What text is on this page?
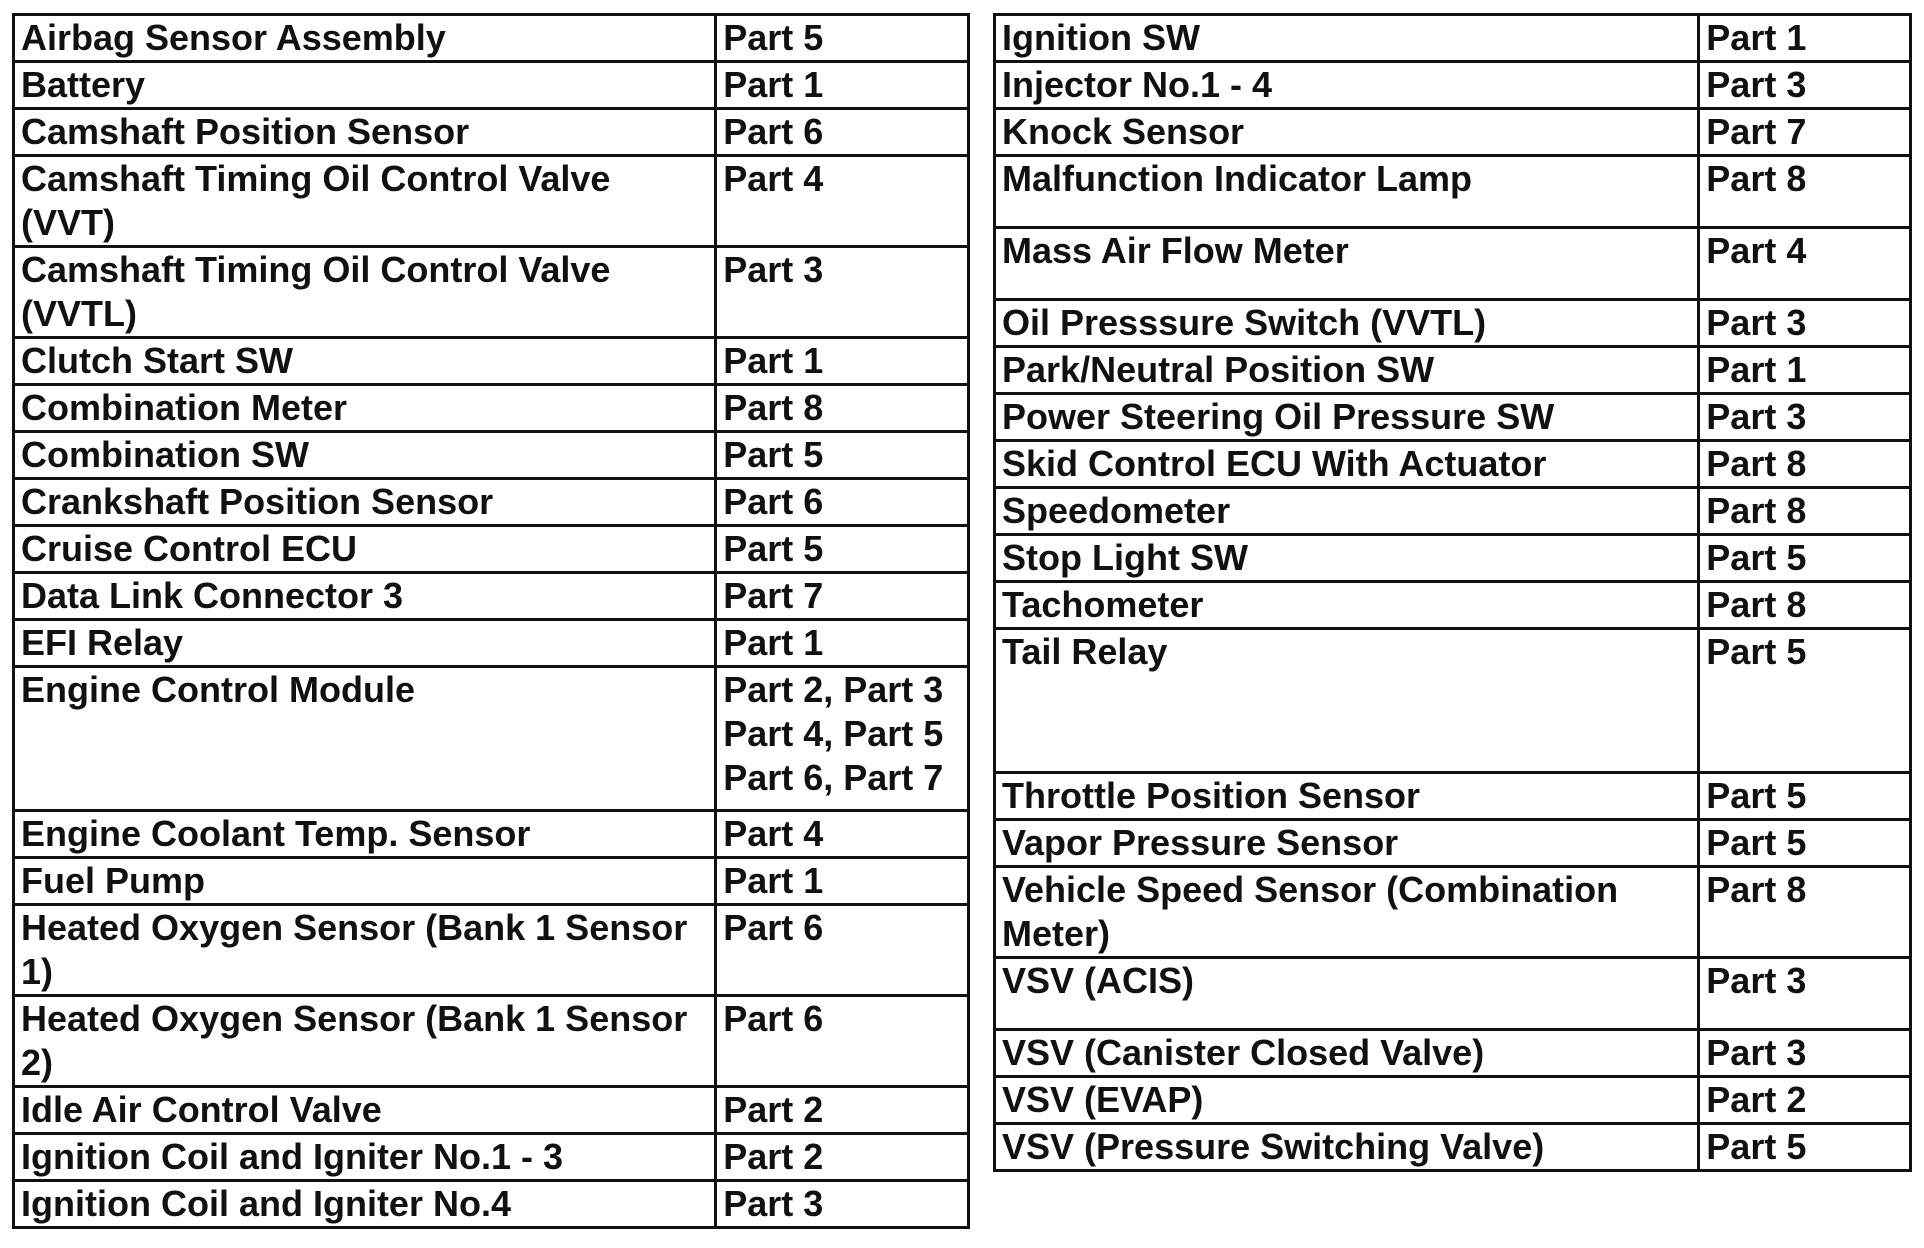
Airbag Sensor Assembly	Part 5
Battery	Part 1
Camshaft Position Sensor	Part 6
Camshaft Timing Oil Control Valve
(VVT)	Part 4
Camshaft Timing Oil Control Valve
(VVTL)	Part 3
Clutch Start SW	Part 1
Combination Meter	Part 8
Combination SW	Part 5
Crankshaft Position Sensor	Part 6
Cruise Control ECU	Part 5
Data Link Connector 3	Part 7
EFI Relay	Part 1
Engine Control Module	Part 2, Part 3
Part 4, Part 5
Part 6, Part 7
Engine Coolant Temp. Sensor	Part 4
Fuel Pump	Part 1
Heated Oxygen Sensor (Bank 1 Sensor
1)	Part 6
Heated Oxygen Sensor (Bank 1 Sensor
2)	Part 6
Idle Air Control Valve	Part 2
Ignition Coil and Igniter No.1 - 3	Part 2
Ignition Coil and Igniter No.4	Part 3
Ignition SW	Part 1
Injector No.1 - 4	Part 3
Knock Sensor	Part 7
Malfunction Indicator Lamp	Part 8
Mass Air Flow Meter	Part 4
Oil Presssure Switch (VVTL)	Part 3
Park/Neutral Position SW	Part 1
Power Steering Oil Pressure SW	Part 3
Skid Control ECU With Actuator	Part 8
Speedometer	Part 8
Stop Light SW	Part 5
Tachometer	Part 8
Tail Relay	Part 5
Throttle Position Sensor	Part 5
Vapor Pressure Sensor	Part 5
Vehicle Speed Sensor (Combination
Meter)	Part 8
VSV (ACIS)	Part 3
VSV (Canister Closed Valve)	Part 3
VSV (EVAP)	Part 2
VSV (Pressure Switching Valve)	Part 5
